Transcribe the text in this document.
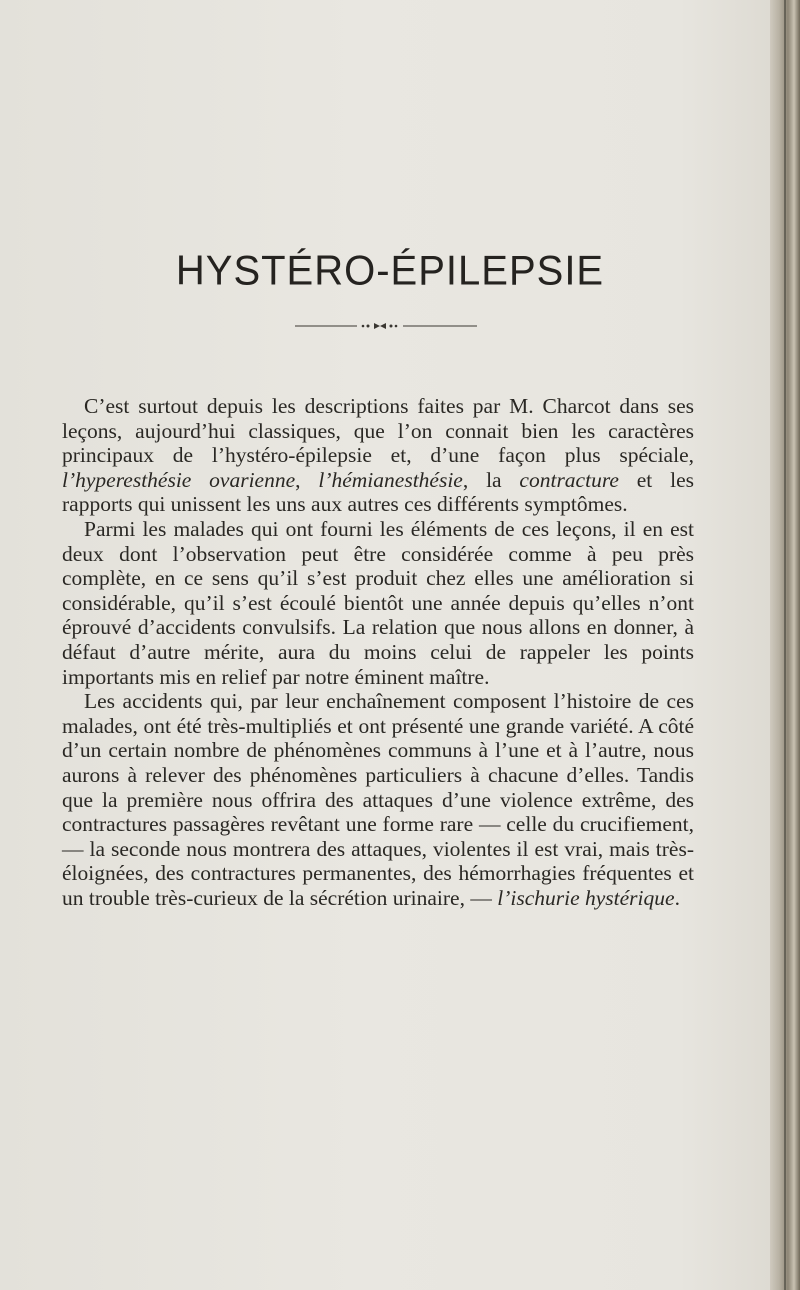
HYSTÉRO-ÉPILEPSIE

C’est surtout depuis les descriptions faites par M. Charcot dans ses leçons, aujourd’hui classiques, que l’on connait bien les caractères principaux de l’hystéro-épilepsie et, d’une façon plus spéciale, l’hyperesthésie ovarienne, l’hémianesthésie, la contracture et les rapports qui unissent les uns aux autres ces différents symptômes.

Parmi les malades qui ont fourni les éléments de ces leçons, il en est deux dont l’observation peut être considérée comme à peu près complète, en ce sens qu’il s’est produit chez elles une amélioration si considérable, qu’il s’est écoulé bientôt une année depuis qu’elles n’ont éprouvé d’accidents convulsifs. La relation que nous allons en donner, à défaut d’autre mérite, aura du moins celui de rappeler les points importants mis en relief par notre éminent maître.

Les accidents qui, par leur enchaînement composent l’histoire de ces malades, ont été très-multipliés et ont présenté une grande variété. A côté d’un certain nombre de phénomènes communs à l’une et à l’autre, nous aurons à relever des phénomènes particuliers à chacune d’elles. Tandis que la première nous offrira des attaques d’une violence extrême, des contractures passagères revêtant une forme rare — celle du crucifiement, — la seconde nous montrera des attaques, violentes il est vrai, mais très-éloignées, des contractures permanentes, des hémorrhagies fréquentes et un trouble très-curieux de la sécrétion urinaire, — l’ischurie hystérique.
